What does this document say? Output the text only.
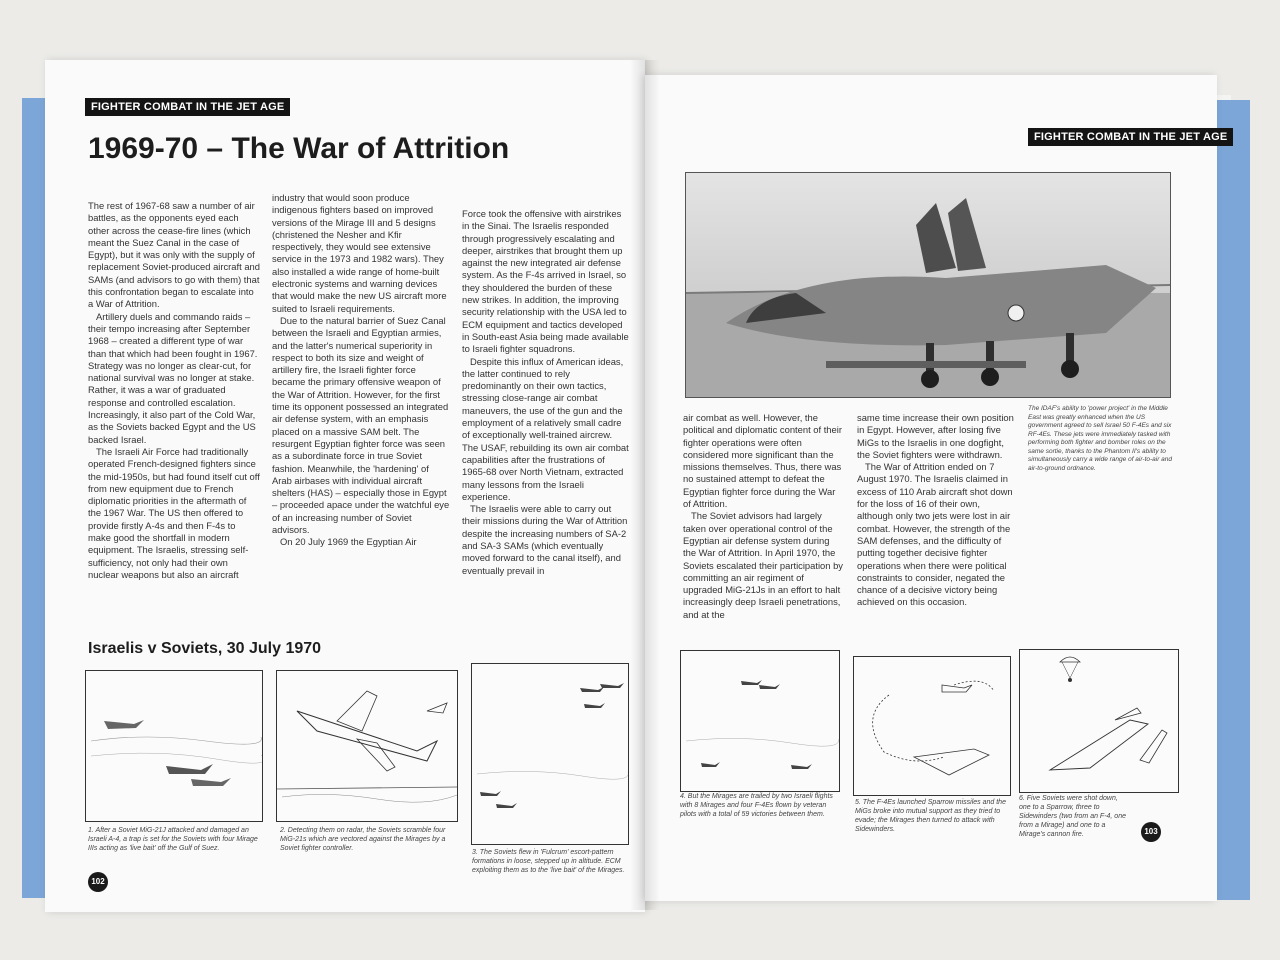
FIGHTER COMBAT IN THE JET AGE
1969-70 – The War of Attrition

The rest of 1967-68 saw a number of air battles, as the opponents eyed each other across the cease-fire lines (which meant the Suez Canal in the case of Egypt), but it was only with the supply of replacement Soviet-produced aircraft and SAMs (and advisors to go with them) that this confrontation began to escalate into a War of Attrition.

Artillery duels and commando raids – their tempo increasing after September 1968 – created a different type of war than that which had been fought in 1967. Strategy was no longer as clear-cut, for national survival was no longer at stake. Rather, it was a war of graduated response and controlled escalation. Increasingly, it also part of the Cold War, as the Soviets backed Egypt and the US backed Israel.

The Israeli Air Force had traditionally operated French-designed fighters since the mid-1950s, but had found itself cut off from new equipment due to French diplomatic priorities in the aftermath of the 1967 War. The US then offered to provide firstly A-4s and then F-4s to make good the shortfall in modern equipment. The Israelis, stressing self-sufficiency, not only had their own nuclear weapons but also an aircraft

industry that would soon produce indigenous fighters based on improved versions of the Mirage III and 5 designs (christened the Nesher and Kfir respectively, they would see extensive service in the 1973 and 1982 wars). They also installed a wide range of home-built electronic systems and warning devices that would make the new US aircraft more suited to Israeli requirements.

Due to the natural barrier of Suez Canal between the Israeli and Egyptian armies, and the latter's numerical superiority in respect to both its size and weight of artillery fire, the Israeli fighter force became the primary offensive weapon of the War of Attrition. However, for the first time its opponent possessed an integrated air defense system, with an emphasis placed on a massive SAM belt. The resurgent Egyptian fighter force was seen as a subordinate force in true Soviet fashion. Meanwhile, the 'hardening' of Arab airbases with individual aircraft shelters (HAS) – especially those in Egypt – proceeded apace under the watchful eye of an increasing number of Soviet advisors.

On 20 July 1969 the Egyptian Air

Force took the offensive with airstrikes in the Sinai. The Israelis responded through progressively escalating and deeper, airstrikes that brought them up against the new integrated air defense system. As the F-4s arrived in Israel, so they shouldered the burden of these new strikes. In addition, the improving security relationship with the USA led to ECM equipment and tactics developed in South-east Asia being made available to Israeli fighter squadrons.

Despite this influx of American ideas, the latter continued to rely predominantly on their own tactics, stressing close-range air combat maneuvers, the use of the gun and the employment of a relatively small cadre of exceptionally well-trained aircrew. The USAF, rebuilding its own air combat capabilities after the frustrations of 1965-68 over North Vietnam, extracted many lessons from the Israeli experience.

The Israelis were able to carry out their missions during the War of Attrition despite the increasing numbers of SA-2 and SA-3 SAMs (which eventually moved forward to the canal itself), and eventually prevail in

Israelis v Soviets, 30 July 1970

1. After a Soviet MiG-21J attacked and damaged an Israeli A-4, a trap is set for the Soviets with four Mirage IIIs acting as 'live bait' off the Gulf of Suez.

2. Detecting them on radar, the Soviets scramble four MiG-21s which are vectored against the Mirages by a Soviet fighter controller.

3. The Soviets flew in 'Fulcrum' escort-pattern formations in loose, stepped up in altitude. ECM exploiting them as to the 'live bait' of the Mirages.

102
FIGHTER COMBAT IN THE JET AGE

The IDAF's ability to 'power project' in the Middle East was greatly enhanced when the US government agreed to sell Israel 50 F-4Es and six RF-4Es. These jets were immediately tasked with performing both fighter and bomber roles on the same sortie, thanks to the Phantom II's ability to simultaneously carry a wide range of air-to-air and air-to-ground ordnance.

air combat as well. However, the political and diplomatic content of their fighter operations were often considered more significant than the missions themselves. Thus, there was no sustained attempt to defeat the Egyptian fighter force during the War of Attrition.

The Soviet advisors had largely taken over operational control of the Egyptian air defense system during the War of Attrition. In April 1970, the Soviets escalated their participation by committing an air regiment of upgraded MiG-21Js in an effort to halt increasingly deep Israeli penetrations, and at the

same time increase their own position in Egypt. However, after losing five MiGs to the Israelis in one dogfight, the Soviet fighters were withdrawn.

The War of Attrition ended on 7 August 1970. The Israelis claimed in excess of 110 Arab aircraft shot down for the loss of 16 of their own, although only two jets were lost in air combat. However, the strength of the SAM defenses, and the difficulty of putting together decisive fighter operations when there were political constraints to consider, negated the chance of a decisive victory being achieved on this occasion.

4. But the Mirages are trailed by two Israeli flights with 8 Mirages and four F-4Es flown by veteran pilots with a total of 59 victories between them.

5. The F-4Es launched Sparrow missiles and the MiGs broke into mutual support as they tried to evade; the Mirages then turned to attack with Sidewinders.

6. Five Soviets were shot down, one to a Sparrow, three to Sidewinders (two from an F-4, one from a Mirage) and one to a Mirage's cannon fire.	103
